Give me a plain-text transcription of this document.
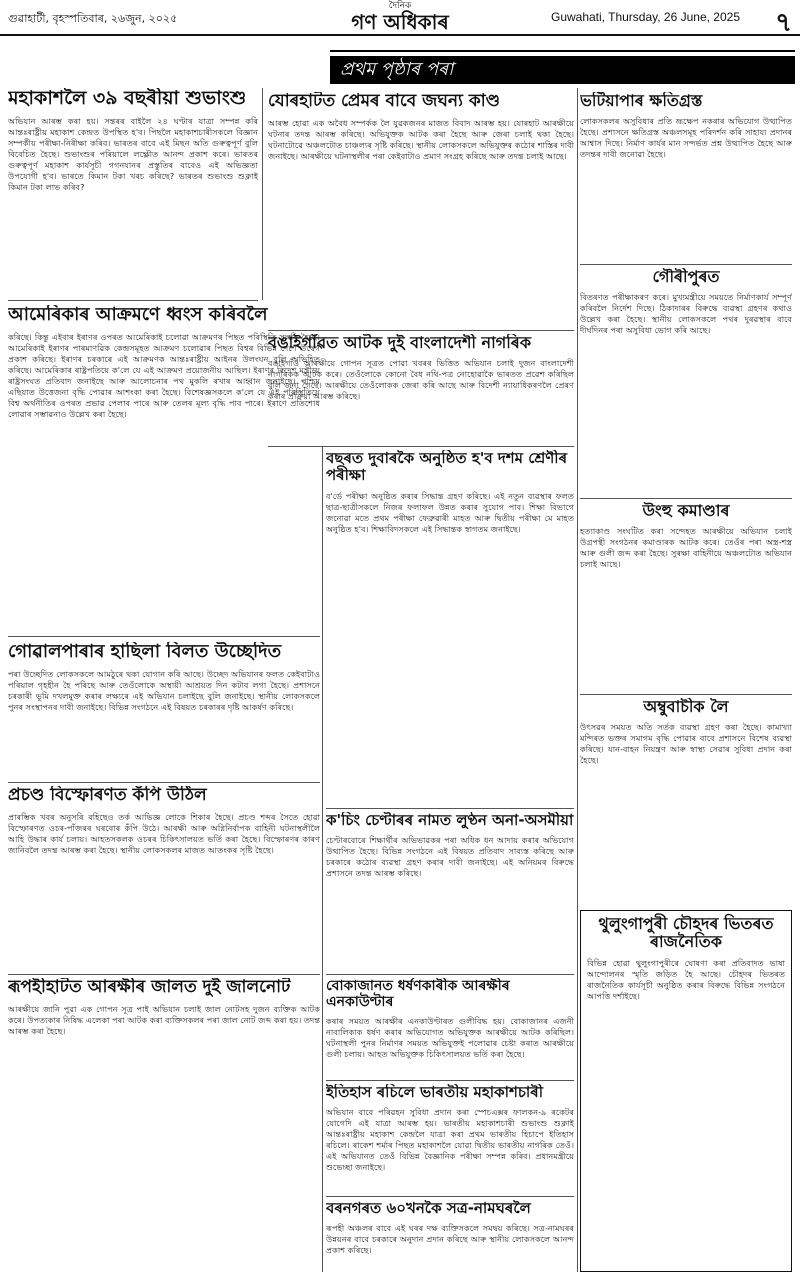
গুৱাহাটী, বৃহস্পতিবাৰ, ২৬জুন, ২০২৫
দৈনিক
গণ অধিকাৰ	Guwahati, Thursday, 26 June, 2025 ৭
প্ৰথম পৃষ্ঠাৰ পৰা
মহাকাশলৈ ৩৯ বছৰীয়া শুভাংশু

অভিযান আৰম্ভ কৰা হয়। সন্তৰৰ বাইলৈ ২৪ ঘণ্টাৰ যাত্ৰা সম্পন্ন কৰি আন্তঃৰাষ্ট্ৰীয় মহাকাশ কেন্দ্ৰত উপস্থিত হ'ব। পিছলৈ মহাকাশচাৰীসকলে বিজ্ঞান সম্পৰ্কীয় পৰীক্ষা-নিৰীক্ষা কৰিব। ভাৰতৰ বাবে এই মিছন অতি গুৰুত্বপূৰ্ণ বুলি বিবেচিত হৈছে। শুভাংশুৰ পৰিয়ালে লক্ষ্ণৌত আনন্দ প্ৰকাশ কৰে। ভাৰতৰ গুৰুত্বপূৰ্ণ মহাকাশ কাৰ্যসূচী গগনযানৰ প্ৰস্তুতিৰ বাবেও এই অভিজ্ঞতা উপযোগী হ'ব। ভাৰতে কিমান টকা খৰচ কৰিছে? ভাৰতৰ শুভাংশু শুক্লাই কিমান টকা লাভ কৰিব?

আমেৰিকাৰ আক্ৰমণে ধ্বংস কৰিবলৈ

কৰিছে। কিন্তু এইবাৰ ইৰাণৰ ওপৰত আমেৰিকাই চলোৱা আক্ৰমণৰ পিছত পৰিস্থিতি সলনি হৈছে। আমেৰিকাই ইৰাণৰ পাৰমাণৱিক কেন্দ্ৰসমূহত আক্ৰমণ চলোৱাৰ পিছত বিশ্বৰ বিভিন্ন দেশে উদ্বেগ প্ৰকাশ কৰিছে। ইৰাণৰ চৰকাৰে এই আক্ৰমণক আন্তঃৰাষ্ট্ৰীয় আইনৰ উলংঘন বুলি অভিহিত কৰিছে। আমেৰিকাৰ ৰাষ্ট্ৰপতিয়ে ক'লে যে এই আক্ৰমণ প্ৰয়োজনীয় আছিল। ইৰাণৰ বিদেশ মন্ত্ৰীয়ে ৰাষ্ট্ৰসংঘত প্ৰতিবাদ জনাইছে আৰু আলোচনাৰ পথ মুকলি ৰখাৰ আহ্বান জনাইছে। পশ্চিম এছিয়াত উত্তেজনা বৃদ্ধি পোৱাৰ আশংকা কৰা হৈছে। বিশেষজ্ঞসকলে ক'লে যে এই পৰিস্থিতিয়ে বিশ্ব অৰ্থনীতিৰ ওপৰত প্ৰভাৱ পেলাব পাৰে আৰু তেলৰ মূল্য বৃদ্ধি পাব পাৰে। ইৰাণে প্ৰতিশোধ লোৱাৰ সম্ভাৱনাও উল্লেখ কৰা হৈছে।

গোৱালপাৰাৰ হাছিলা বিলত উচ্ছেদিত

পৰা উচ্ছেদিত লোকসকলে আমঠুৰে থকা যোগান কৰি আছে। উচ্ছেদ অভিযানৰ ফলত কেইবাটাও পৰিয়াল গৃহহীন হৈ পৰিছে আৰু তেওঁলোকে অস্থায়ী আশ্ৰয়ত দিন কটাব লগা হৈছে। প্ৰশাসনে চৰকাৰী ভূমি দখলমুক্ত কৰাৰ লক্ষ্যৰে এই অভিযান চলাইছে বুলি জনাইছে। স্থানীয় লোকসকলে পুনৰ সংস্থাপনৰ দাবী জনাইছে। বিভিন্ন সংগঠনে এই বিষয়ত চৰকাৰৰ দৃষ্টি আকৰ্ষণ কৰিছে।

প্ৰচণ্ড বিস্ফোৰণত কঁপি উঠিল

প্ৰাৰম্ভিক খবৰ অনুসৰি বহিছেও তৰ্ক আভিজ্ঞ লোকে শিকাৰ হৈছে। প্ৰচণ্ড শব্দৰ সৈতে হোৱা বিস্ফোৰণত ওচৰ-পাঁজৰৰ ঘৰবোৰ কঁপি উঠে। আৰক্ষী আৰু অগ্নিনিৰ্বাপক বাহিনী ঘটনাস্থলীলৈ আহি উদ্ধাৰ কাৰ্য চলায়। আহতসকলক ওচৰৰ চিকিৎসালয়ত ভৰ্তি কৰা হৈছে। বিস্ফোৰণৰ কাৰণ জানিবলৈ তদন্ত আৰম্ভ কৰা হৈছে। স্থানীয় লোকসকলৰ মাজত আতংকৰ সৃষ্টি হৈছে।

ৰূপহীহাটত আৰক্ষীৰ জালত দুই জালনোট

আৰক্ষীয়ে জানি পুৱা এক গোপন সূত্ৰ পাই অভিযান চলাই জাল নোটসহ দুজন ব্যক্তিক আটক কৰে। উপত্যকাৰ নিষিদ্ধ এলেকা পৰা আটক কৰা ব্যক্তিসকলৰ পৰা জাল নোট জব্দ কৰা হয়। তদন্ত আৰম্ভ কৰা হৈছে।

যোৰহাটত প্ৰেমৰ বাবে জঘন্য কাণ্ড

আৰম্ভ হোৱা এক অবৈধ সম্পৰ্কক লৈ যুৱকজনৰ মাজত বিবাদ আৰম্ভ হয়। যোৰহাট আৰক্ষীয়ে ঘটনাৰ তদন্ত আৰম্ভ কৰিছে। অভিযুক্তক আটক কৰা হৈছে আৰু জেৰা চলাই থকা হৈছে। ঘটনাটোৱে অঞ্চলটোত চাঞ্চল্যৰ সৃষ্টি কৰিছে। স্থানীয় লোকসকলে অভিযুক্তৰ কঠোৰ শাস্তিৰ দাবী জনাইছে। আৰক্ষীয়ে ঘটনাস্থলীৰ পৰা কেইবাটাও প্ৰমাণ সংগ্ৰহ কৰিছে আৰু তদন্ত চলাই আছে।

বঙাইগাঁৱত আটক দুই বাংলাদেশী নাগৰিক

বঙাইগাঁও আৰক্ষীয়ে গোপন সূত্ৰত পোৱা খবৰৰ ভিত্তিত অভিযান চলাই দুজন বাংলাদেশী নাগৰিকক আটক কৰে। তেওঁলোকে কোনো বৈধ নথি-পত্ৰ নোহোৱাকৈ ভাৰতত প্ৰৱেশ কৰিছিল বুলি জনা গৈছে। আৰক্ষীয়ে তেওঁলোকক জেৰা কৰি আছে আৰু বিদেশী ন্যায়াধিকৰণলৈ প্ৰেৰণ কৰাৰ প্ৰক্ৰিয়া আৰম্ভ কৰিছে।

বছৰত দুবাৰকৈ অনুষ্ঠিত হ'ব দশম শ্ৰেণীৰ পৰীক্ষা

ব'ৰ্ডে পৰীক্ষা অনুষ্ঠিত কৰাৰ সিদ্ধান্ত গ্ৰহণ কৰিছে। এই নতুন ব্যৱস্থাৰ ফলত ছাত্ৰ-ছাত্ৰীসকলে নিজৰ ফলাফল উন্নত কৰাৰ সুযোগ পাব। শিক্ষা বিভাগে জনোৱা মতে প্ৰথম পৰীক্ষা ফেব্ৰুৱাৰী মাহত আৰু দ্বিতীয় পৰীক্ষা মে মাহত অনুষ্ঠিত হ'ব। শিক্ষাবিদসকলে এই সিদ্ধান্তক স্বাগতম জনাইছে।

ক'চিং চেণ্টাৰৰ নামত লুণ্ঠন অনা-অসমীয়া

চেণ্টাৰবোৰে শিক্ষাৰ্থীৰ অভিভাৱকৰ পৰা অধিক ধন আদায় কৰাৰ অভিযোগ উত্থাপিত হৈছে। বিভিন্ন সংগঠনে এই বিষয়ত প্ৰতিবাদ সাব্যস্ত কৰিছে আৰু চৰকাৰে কঠোৰ ব্যৱস্থা গ্ৰহণ কৰাৰ দাবী জনাইছে। এই অনিয়মৰ বিৰুদ্ধে প্ৰশাসনে তদন্ত আৰম্ভ কৰিছে।

ভটিয়াপাৰ ক্ষতিগ্ৰস্ত

লোকসকলৰ অসুবিধাৰ প্ৰতি ভ্ৰূক্ষেপ নকৰাৰ অভিযোগ উত্থাপিত হৈছে। প্ৰশাসনে ক্ষতিগ্ৰস্ত অঞ্চলসমূহ পৰিদৰ্শন কৰি সাহায্য প্ৰদানৰ আশ্বাস দিছে। নিৰ্মাণ কাৰ্যৰ মান সন্দৰ্ভত প্ৰশ্ন উত্থাপিত হৈছে আৰু তদন্তৰ দাবী জনোৱা হৈছে।

গৌৰীপুৰত

বিতৰণত পৰীক্ষাকৰণ কৰে। মুখ্যমন্ত্ৰীয়ে সময়তে নিৰ্মাণকাৰ্য সম্পূৰ্ণ কৰিবলৈ নিৰ্দেশ দিছে। ঠিকাদাৰৰ বিৰুদ্ধে ব্যৱস্থা গ্ৰহণৰ কথাও উল্লেখ কৰা হৈছে। স্থানীয় লোকসকলে পথৰ দুৰৱস্থাৰ বাবে দীৰ্ঘদিনৰ পৰা অসুবিধা ভোগ কৰি আছে।

উংহু কমাণ্ডাৰ

হত্যাকাণ্ড সংঘটিত কৰা সন্দেহত আৰক্ষীয়ে অভিযান চলাই উগ্ৰপন্থী সংগঠনৰ কমাণ্ডাৰক আটক কৰে। তেওঁৰ পৰা অস্ত্ৰ-শস্ত্ৰ আৰু গুলী জব্দ কৰা হৈছে। সুৰক্ষা বাহিনীয়ে অঞ্চলটোত অভিযান চলাই আছে।

অম্বুবাচীক লৈ

উৎসৱৰ সময়ত অতি সৰ্তক ব্যৱস্থা গ্ৰহণ কৰা হৈছে। কামাখ্যা মন্দিৰত ভক্তৰ সমাগম বৃদ্ধি পোৱাৰ বাবে প্ৰশাসনে বিশেষ ব্যৱস্থা কৰিছে। যান-বাহন নিয়ন্ত্ৰণ আৰু স্বাস্থ্য সেৱাৰ সুবিধা প্ৰদান কৰা হৈছে।

থুলুংগাপুৰী চৌহদৰ ভিতৰত ৰাজনৈতিক

বিভিন্ন হোৱা থুলুংগাপুৰীৰে ঘোষণা কৰা প্ৰতিবাদত ভাষা আন্দোলনৰ স্মৃতি জড়িত হৈ আছে। চৌহদৰ ভিতৰত ৰাজনৈতিক কাৰ্যসূচী অনুষ্ঠিত কৰাৰ বিৰুদ্ধে বিভিন্ন সংগঠনে আপত্তি দৰ্শাইছে।

বোকাজানত ধৰ্ষণকাৰীক আৰক্ষীৰ এনকাউণ্টাৰ

কৰাৰ সময়ত আৰক্ষীৰ এনকাউণ্টাৰত গুলীবিদ্ধ হয়। বোকাজানৰ এজনী নাবালিকাক ধৰ্ষণ কৰাৰ অভিযোগত অভিযুক্তক আৰক্ষীয়ে আটক কৰিছিল। ঘটনাস্থলী পুনৰ নিৰ্মাণৰ সময়ত অভিযুক্তই পলোৱাৰ চেষ্টা কৰাত আৰক্ষীয়ে গুলী চলায়। আহত অভিযুক্তক চিকিৎসালয়ত ভৰ্তি কৰা হৈছে।

ইতিহাস ৰচিলে ভাৰতীয় মহাকাশচাৰী

অভিযান বাবে পৰিৱহন সুবিধা প্ৰদান কৰা স্পেচএক্সৰ ফালকন-৯ ৰকেটৰ যোগেদি এই যাত্ৰা আৰম্ভ হয়। ভাৰতীয় মহাকাশচাৰী শুভাংশু শুক্লাই আন্তঃৰাষ্ট্ৰীয় মহাকাশ কেন্দ্ৰলৈ যাত্ৰা কৰা প্ৰথম ভাৰতীয় হিচাপে ইতিহাস ৰচিলে। ৰাকেশ শৰ্মাৰ পিছত মহাকাশলৈ যোৱা দ্বিতীয় ভাৰতীয় নাগৰিক তেওঁ। এই অভিযানত তেওঁ বিভিন্ন বৈজ্ঞানিক পৰীক্ষা সম্পন্ন কৰিব। প্ৰধানমন্ত্ৰীয়ে শুভেচ্ছা জনাইছে।

বৰনগৰত ৬০খনকৈ সত্ৰ-নামঘৰলৈ

ৰূপহী অঞ্চলৰ বাবে এই ঘৰৰ দক্ষ ব্যক্তিসকলে সমদ্বয় কৰিছে। সত্ৰ-নামঘৰৰ উন্নয়নৰ বাবে চৰকাৰে অনুদান প্ৰদান কৰিছে আৰু স্থানীয় লোকসকলে আনন্দ প্ৰকাশ কৰিছে।
